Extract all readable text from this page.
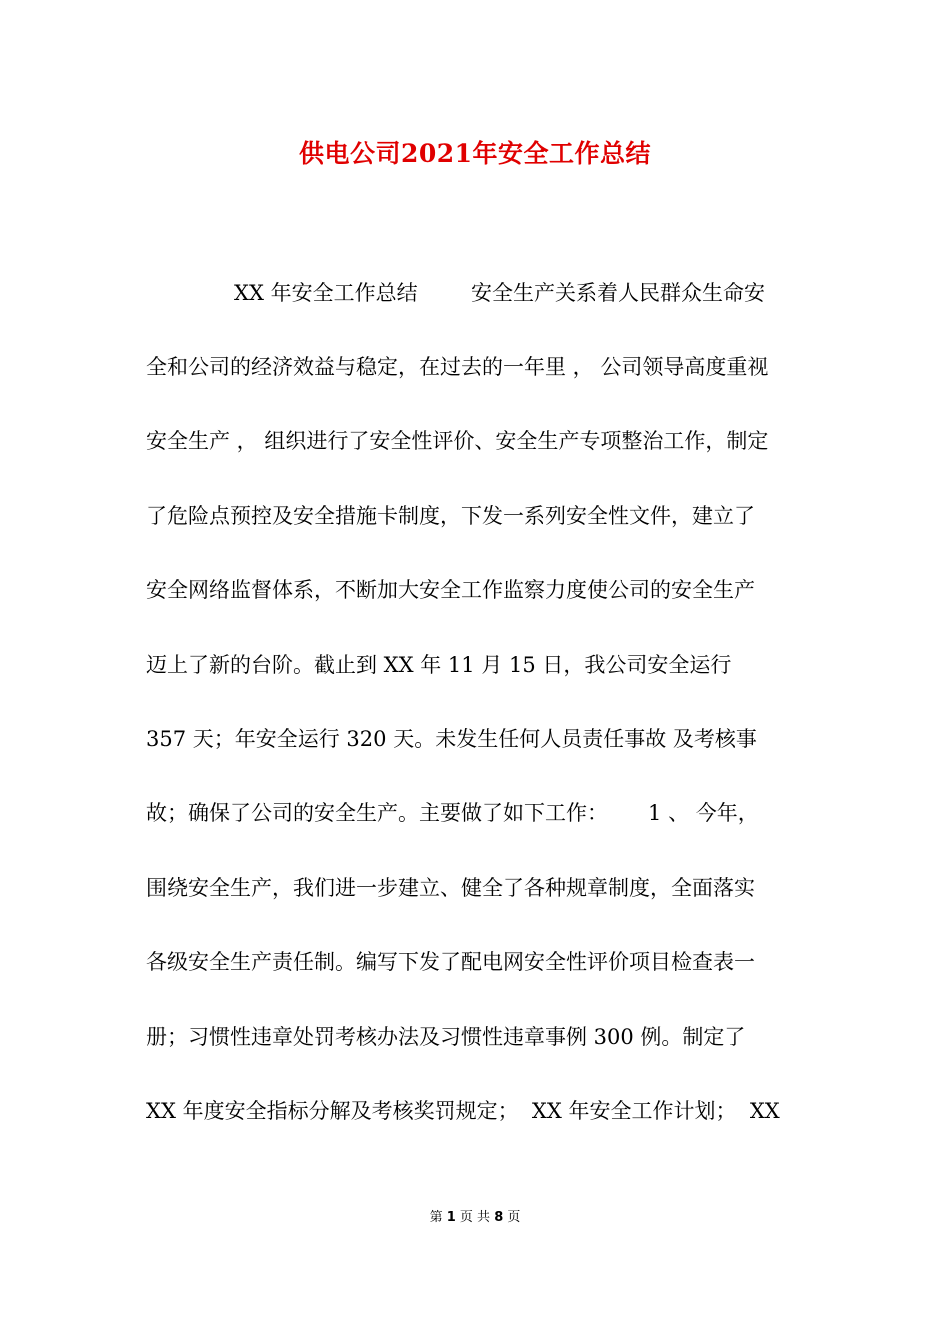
供电公司2021年安全工作总结
XX 年安全工作总结        安全生产关系着人民群众生命安
全和公司的经济效益与稳定，在过去的一年里 ， 公司领导高度重视
安全生产 ， 组织进行了安全性评价、安全生产专项整治工作，制定
了危险点预控及安全措施卡制度，下发一系列安全性文件，建立了
安全网络监督体系，不断加大安全工作监察力度使公司的安全生产
迈上了新的台阶。截止到 XX 年 11 月 15 日，我公司安全运行
357 天；年安全运行 320 天。未发生任何人员责任事故 及考核事
故；确保了公司的安全生产。主要做了如下工作：      1 、 今年，
围绕安全生产，我们进一步建立、健全了各种规章制度，全面落实
各级安全生产责任制。编写下发了配电网安全性评价项目检查表一
册；习惯性违章处罚考核办法及习惯性违章事例 300 例。制定了
XX 年度安全指标分解及考核奖罚规定；  XX 年安全工作计划；  XX
第 1 页 共 8 页
